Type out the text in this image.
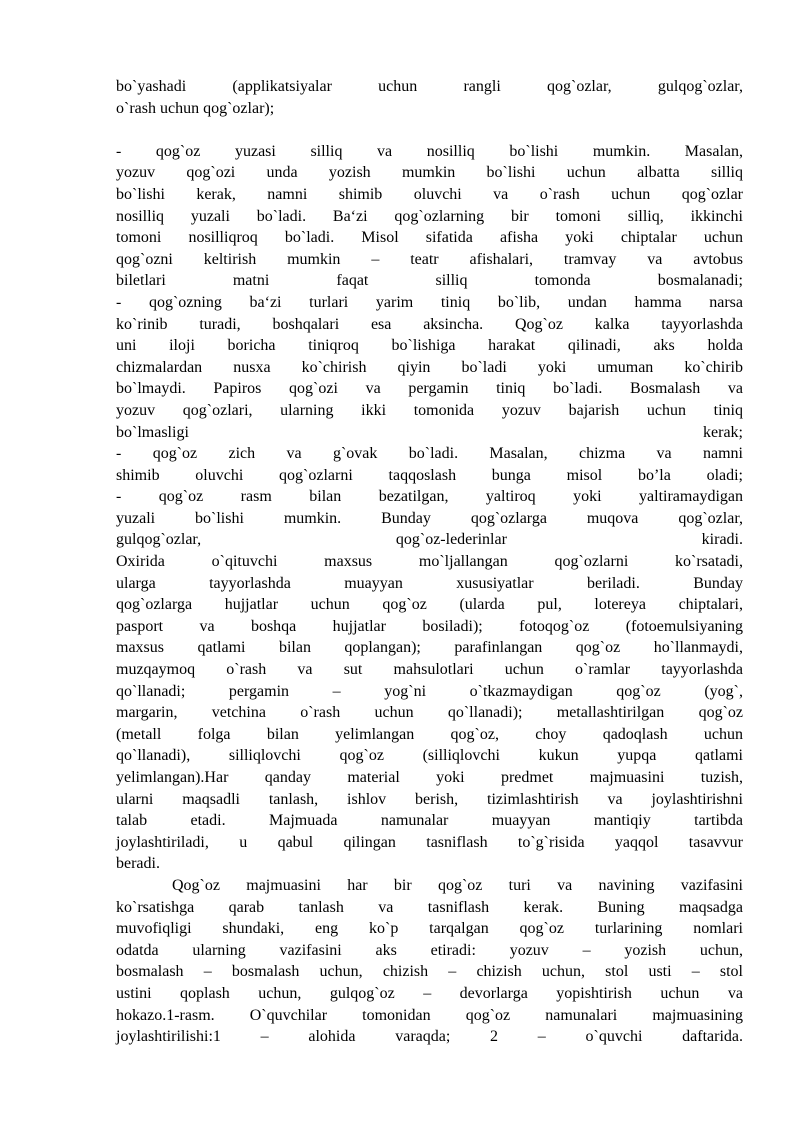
bo`yashadi (applikatsiyalar uchun rangli qog`ozlar, gulqog`ozlar,
o`rash uchun qog`ozlar);
- qog`oz yuzasi silliq va nosilliq bo`lishi mumkin. Masalan,
yozuv qog`ozi unda yozish mumkin bo`lishi uchun albatta silliq
bo`lishi kerak, namni shimib oluvchi va o`rash uchun qog`ozlar
nosilliq yuzali bo`ladi. Ba‘zi qog`ozlarning bir tomoni silliq, ikkinchi
tomoni nosilliqroq bo`ladi. Misol sifatida afisha yoki chiptalar uchun
qog`ozni keltirish mumkin – teatr afishalari, tramvay va avtobus
biletlari matni faqat silliq tomonda bosmalanadi;
- qog`ozning ba‘zi turlari yarim tiniq bo`lib, undan hamma narsa
ko`rinib turadi, boshqalari esa aksincha. Qog`oz kalka tayyorlashda
uni iloji boricha tiniqroq bo`lishiga harakat qilinadi, aks holda
chizmalardan nusxa ko`chirish qiyin bo`ladi yoki umuman ko`chirib
bo`lmaydi. Papiros qog`ozi va pergamin tiniq bo`ladi. Bosmalash va
yozuv qog`ozlari, ularning ikki tomonida yozuv bajarish uchun tiniq
bo`lmasligi kerak;
- qog`oz zich va g`ovak bo`ladi. Masalan, chizma va namni
shimib oluvchi qog`ozlarni taqqoslash bunga misol bo’la oladi;
- qog`oz rasm bilan bezatilgan, yaltiroq yoki yaltiramaydigan
yuzali bo`lishi mumkin. Bunday qog`ozlarga muqova qog`ozlar,
gulqog`ozlar, qog`oz-lederinlar kiradi.
Oxirida o`qituvchi maxsus mo`ljallangan qog`ozlarni ko`rsatadi,
ularga tayyorlashda muayyan xususiyatlar beriladi. Bunday
qog`ozlarga hujjatlar uchun qog`oz (ularda pul, lotereya chiptalari,
pasport va boshqa hujjatlar bosiladi); fotoqog`oz (fotoemulsiyaning
maxsus qatlami bilan qoplangan); parafinlangan qog`oz ho`llanmaydi,
muzqaymoq o`rash va sut mahsulotlari uchun o`ramlar tayyorlashda
qo`llanadi; pergamin – yog`ni o`tkazmaydigan qog`oz (yog`,
margarin, vetchina o`rash uchun qo`llanadi); metallashtirilgan qog`oz
(metall folga bilan yelimlangan qog`oz, choy qadoqlash uchun
qo`llanadi), silliqlovchi qog`oz (silliqlovchi kukun yupqa qatlami
yelimlangan).Har qanday material yoki predmet majmuasini tuzish,
ularni maqsadli tanlash, ishlov berish, tizimlashtirish va joylashtirishni
talab etadi. Majmuada namunalar muayyan mantiqiy tartibda
joylashtiriladi, u qabul qilingan tasniflash to`g`risida yaqqol tasavvur
beradi.
Qog`oz majmuasini har bir qog`oz turi va navining vazifasini
ko`rsatishga qarab tanlash va tasniflash kerak. Buning maqsadga
muvofiqligi shundaki, eng ko`p tarqalgan qog`oz turlarining nomlari
odatda ularning vazifasini aks etiradi: yozuv – yozish uchun,
bosmalash – bosmalash uchun, chizish – chizish uchun, stol usti – stol
ustini qoplash uchun, gulqog`oz – devorlarga yopishtirish uchun va
hokazo.1-rasm. O`quvchilar tomonidan qog`oz namunalari majmuasining
joylashtirilishi:1 – alohida varaqda; 2 – o`quvchi daftarida.
